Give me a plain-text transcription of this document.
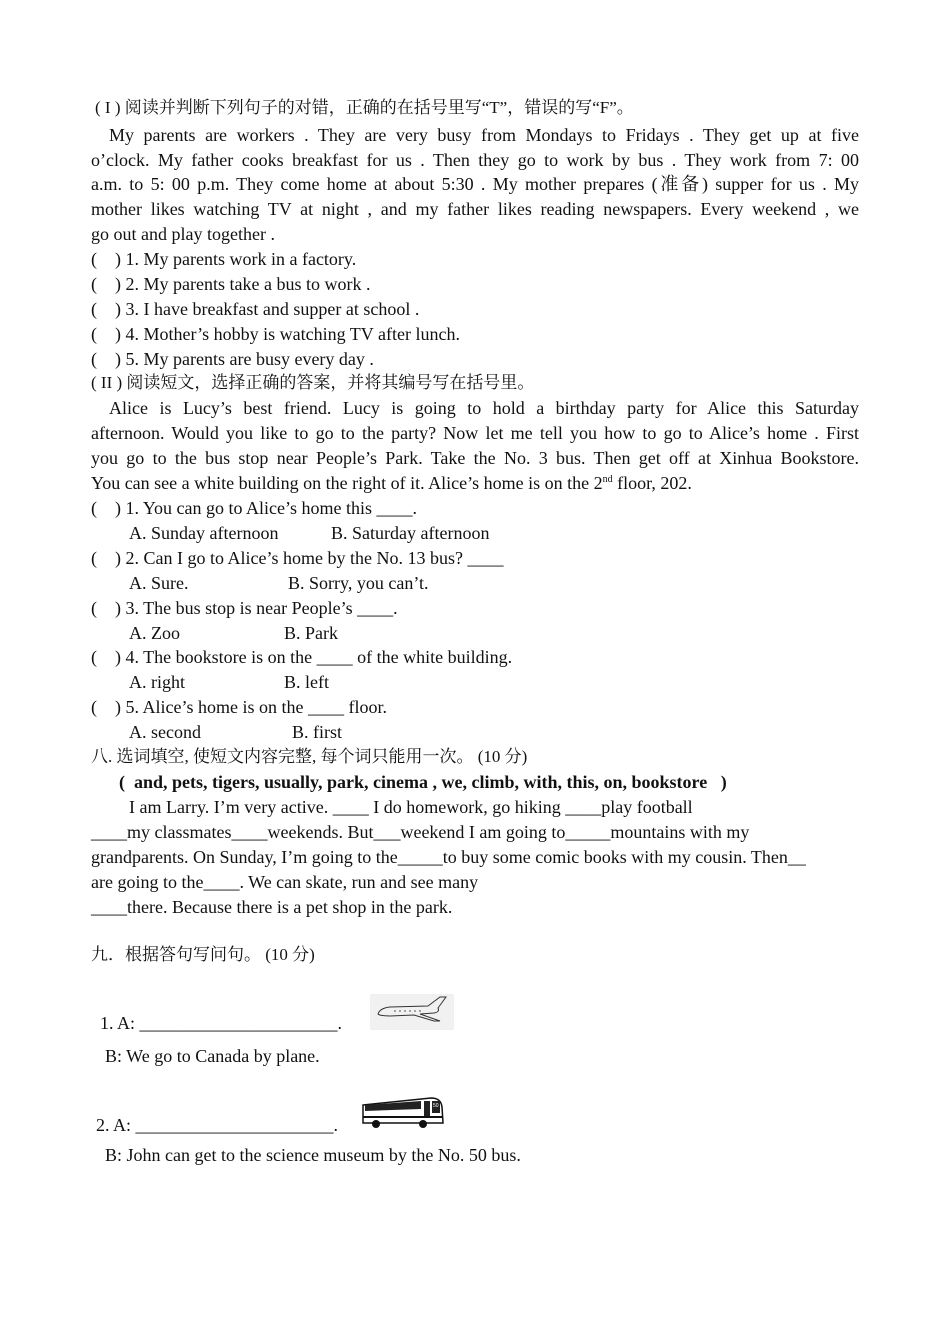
( I ) 阅读并判断下列句子的对错，正确的在括号里写“T”，错误的写“F”。
My parents are workers . They are very busy from Mondays to Fridays . They get up at five
o’clock. My father cooks breakfast for us . Then they go to work by bus . They work from 7: 00
a.m. to 5: 00 p.m. They come home at about 5:30 . My mother prepares (准备) supper for us . My
mother likes watching TV at night , and my father likes reading newspapers. Every weekend , we
go out and play together .
(    ) 1. My parents work in a factory.
(    ) 2. My parents take a bus to work .
(    ) 3. I have breakfast and supper at school .
(    ) 4. Mother’s hobby is watching TV after lunch.
(    ) 5. My parents are busy every day .
( II ) 阅读短文，选择正确的答案，并将其编号写在括号里。
Alice is Lucy’s best friend. Lucy is going to hold a birthday party for Alice this Saturday
afternoon. Would you like to go to the party? Now let me tell you how to go to Alice’s home . First
you go to the bus stop near People’s Park. Take the No. 3 bus. Then get off at Xinhua Bookstore.
You can see a white building on the right of it. Alice’s home is on the 2nd floor, 202.
(    ) 1. You can go to Alice’s home this ____.
A. Sunday afternoon	B. Saturday afternoon
(    ) 2. Can I go to Alice’s home by the No. 13 bus? ____
A. Sure.	B. Sorry, you can’t.
(    ) 3. The bus stop is near People’s ____.
A. Zoo	B. Park
(    ) 4. The bookstore is on the ____ of the white building.
A. right	B. left
(    ) 5. Alice’s home is on the ____ floor.
A. second	B. first
八. 选词填空, 使短文内容完整, 每个词只能用一次。 (10 分)
(  and, pets, tigers, usually, park, cinema , we, climb, with, this, on, bookstore   )
I am Larry. I’m very active. ____ I do homework, go hiking ____play football
____my classmates____weekends. But___weekend I am going to_____mountains with my
grandparents. On Sunday, I’m going to the_____to buy some comic books with my cousin. Then__
are going to the____. We can skate, run and see many
____there. Because there is a pet shop in the park.
九．根据答句写问句。 (10 分)
1. A: ______________________.
B: We go to Canada by plane.
2. A: ______________________.
50
B: John can get to the science museum by the No. 50 bus.
